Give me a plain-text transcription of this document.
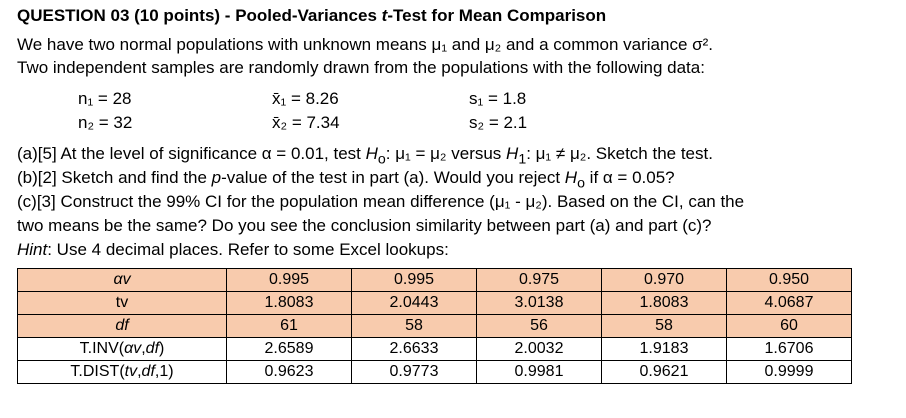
QUESTION 03 (10 points) - Pooled-Variances t-Test for Mean Comparison
We have two normal populations with unknown means μ₁ and μ₂ and a common variance σ².
Two independent samples are randomly drawn from the populations with the following data:
n₁ = 28	x̄₁ = 8.26	s₁ = 1.8
n₂ = 32	x̄₂ = 7.34	s₂ = 2.1
(a)[5] At the level of significance α = 0.01, test $H_o$: μ₁ = μ₂ versus $H_1$: μ₁ ≠ μ₂. Sketch the test.
(b)[2] Sketch and find the p-value of the test in part (a). Would you reject $H_o$ if α = 0.05?
(c)[3] Construct the 99% CI for the population mean difference (μ₁ - μ₂). Based on the CI, can the
two means be the same? Do you see the conclusion similarity between part (a) and part (c)?
Hint: Use 4 decimal places. Refer to some Excel lookups:
αv	0.995	0.995	0.975	0.970	0.950
tv	1.8083	2.0443	3.0138	1.8083	4.0687
df	61	58	56	58	60
T.INV(αv,df)	2.6589	2.6633	2.0032	1.9183	1.6706
T.DIST(tv,df,1)	0.9623	0.9773	0.9981	0.9621	0.9999
